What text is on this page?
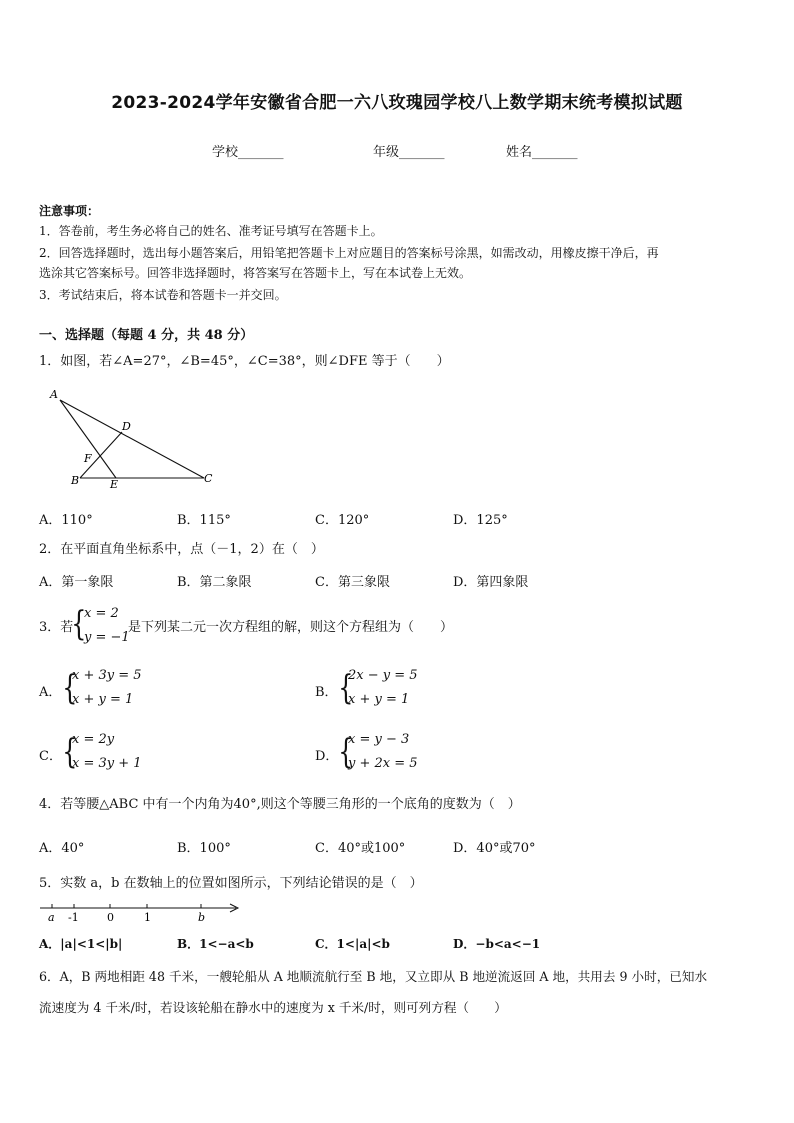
2023-2024学年安徽省合肥一六八玫瑰园学校八上数学期末统考模拟试题
学校_______	年级_______	姓名_______
注意事项：
1．答卷前，考生务必将自己的姓名、准考证号填写在答题卡上。
2．回答选择题时，选出每小题答案后，用铅笔把答题卡上对应题目的答案标号涂黑，如需改动，用橡皮擦干净后，再
选涂其它答案标号。回答非选择题时，将答案写在答题卡上，写在本试卷上无效。
3．考试结束后，将本试卷和答题卡一并交回。
一、选择题（每题 4 分，共 48 分）
1．如图，若∠A=27°，∠B=45°，∠C=38°，则∠DFE 等于（　　）
A
D
F
B	E	C
A．110°	B．115°	C．120°	D．125°
2．在平面直角坐标系中，点（－1，2）在（　）
A．第一象限	B．第二象限	C．第三象限	D．第四象限
3．若
{
x = 2
y = −1
是下列某二元一次方程组的解，则这个方程组为（　　）
A． {
x + 3y = 5
x + y = 1	B． {
2x − y = 5
x + y = 1
C． {
x = 2y
x = 3y + 1	D． {
x = y − 3
y + 2x = 5
4．若等腰△ABC 中有一个内角为40°,则这个等腰三角形的一个底角的度数为（　）
A．40°	B．100°	C．40°或100°	D．40°或70°
5．实数 a，b 在数轴上的位置如图所示，下列结论错误的是（　）
a -1	0	1	b
A．|a|<1<|b|	B．1<−a<b	C．1<|a|<b	D．−b<a<−1
6．A，B 两地相距 48 千米，一艘轮船从 A 地顺流航行至 B 地，又立即从 B 地逆流返回 A 地，共用去 9 小时，已知水
流速度为 4 千米/时，若设该轮船在静水中的速度为 x 千米/时，则可列方程（　　）
